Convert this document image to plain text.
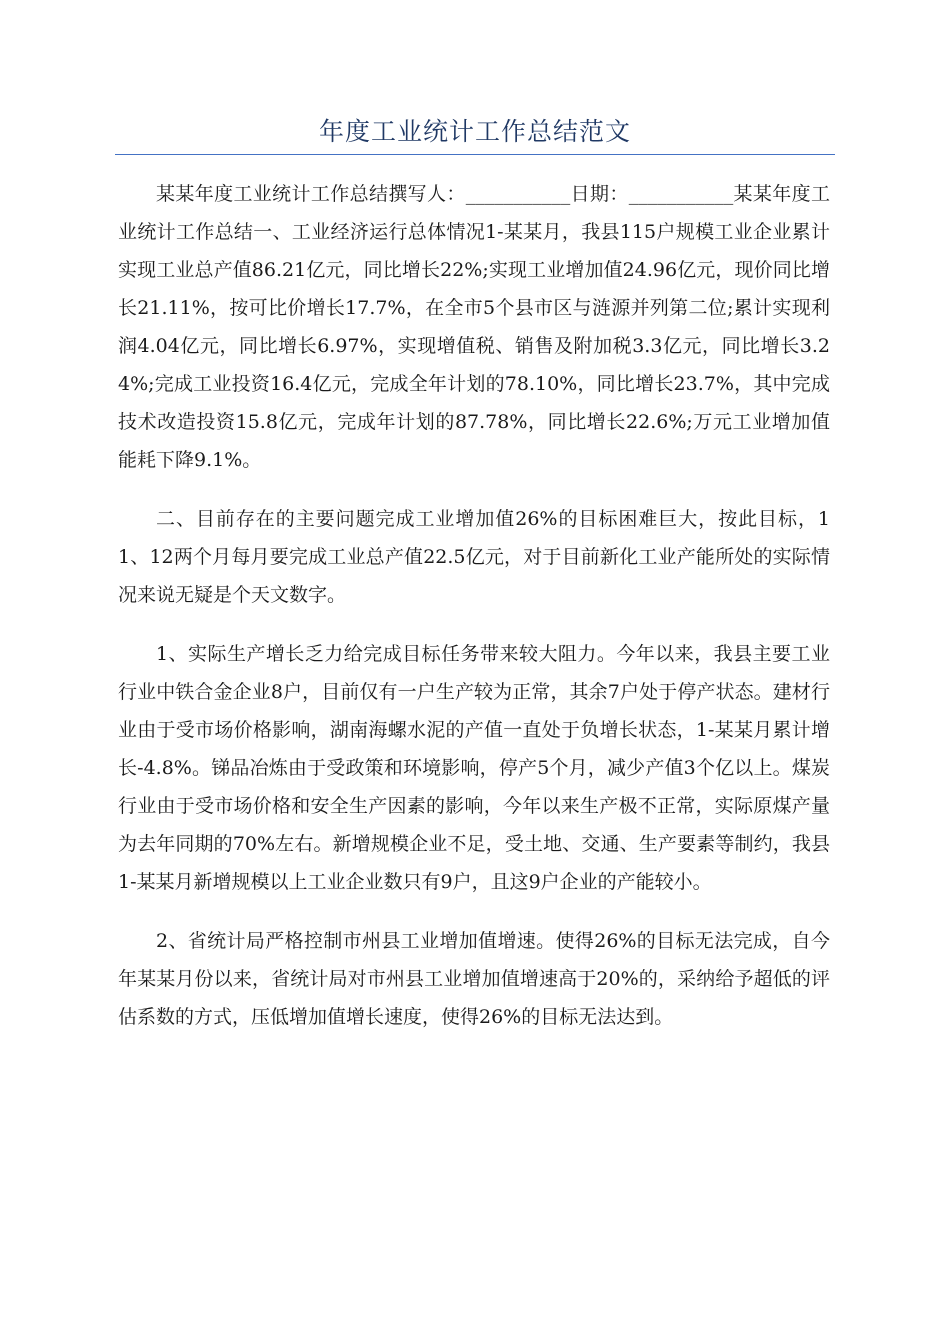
年度工业统计工作总结范文

某某年度工业统计工作总结撰写人：___________日期：___________某某年度工业统计工作总结一、工业经济运行总体情况1-某某月，我县115户规模工业企业累计实现工业总产值86.21亿元，同比增长22%;实现工业增加值24.96亿元，现价同比增长21.11%，按可比价增长17.7%，在全市5个县市区与涟源并列第二位;累计实现利润4.04亿元，同比增长6.97%，实现增值税、销售及附加税3.3亿元，同比增长3.24%;完成工业投资16.4亿元，完成全年计划的78.10%，同比增长23.7%，其中完成技术改造投资15.8亿元，完成年计划的87.78%，同比增长22.6%;万元工业增加值能耗下降9.1%。

二、目前存在的主要问题完成工业增加值26%的目标困难巨大，按此目标，11、12两个月每月要完成工业总产值22.5亿元，对于目前新化工业产能所处的实际情况来说无疑是个天文数字。

1、实际生产增长乏力给完成目标任务带来较大阻力。今年以来，我县主要工业行业中铁合金企业8户，目前仅有一户生产较为正常，其余7户处于停产状态。建材行业由于受市场价格影响，湖南海螺水泥的产值一直处于负增长状态，1-某某月累计增长-4.8%。锑品冶炼由于受政策和环境影响，停产5个月，减少产值3个亿以上。煤炭行业由于受市场价格和安全生产因素的影响，今年以来生产极不正常，实际原煤产量为去年同期的70%左右。新增规模企业不足，受土地、交通、生产要素等制约，我县1-某某月新增规模以上工业企业数只有9户，且这9户企业的产能较小。

2、省统计局严格控制市州县工业增加值增速。使得26%的目标无法完成，自今年某某月份以来，省统计局对市州县工业增加值增速高于20%的，采纳给予超低的评估系数的方式，压低增加值增长速度，使得26%的目标无法达到。
